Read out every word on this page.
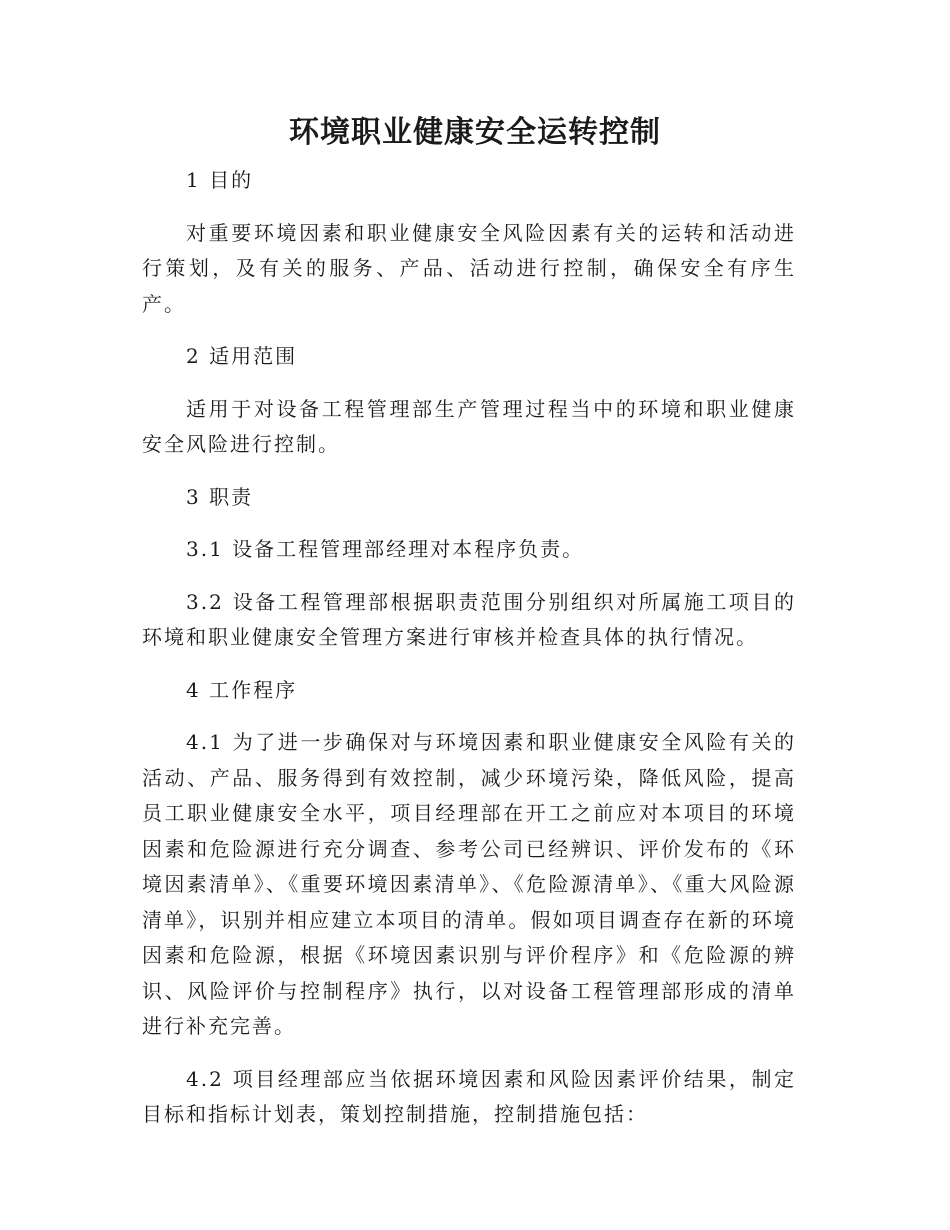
环境职业健康安全运转控制
1 目的
对重要环境因素和职业健康安全风险因素有关的运转和活动进行策划，及有关的服务、产品、活动进行控制，确保安全有序生产。
2 适用范围
适用于对设备工程管理部生产管理过程当中的环境和职业健康安全风险进行控制。
3 职责
3.1 设备工程管理部经理对本程序负责。
3.2 设备工程管理部根据职责范围分别组织对所属施工项目的环境和职业健康安全管理方案进行审核并检查具体的执行情况。
4 工作程序
4.1 为了进一步确保对与环境因素和职业健康安全风险有关的活动、产品、服务得到有效控制，减少环境污染，降低风险，提高员工职业健康安全水平，项目经理部在开工之前应对本项目的环境因素和危险源进行充分调查、参考公司已经辨识、评价发布的《环境因素清单》、《重要环境因素清单》、《危险源清单》、《重大风险源清单》，识别并相应建立本项目的清单。假如项目调查存在新的环境因素和危险源，根据《环境因素识别与评价程序》和《危险源的辨识、风险评价与控制程序》执行，以对设备工程管理部形成的清单进行补充完善。
4.2 项目经理部应当依据环境因素和风险因素评价结果，制定目标和指标计划表，策划控制措施，控制措施包括：
